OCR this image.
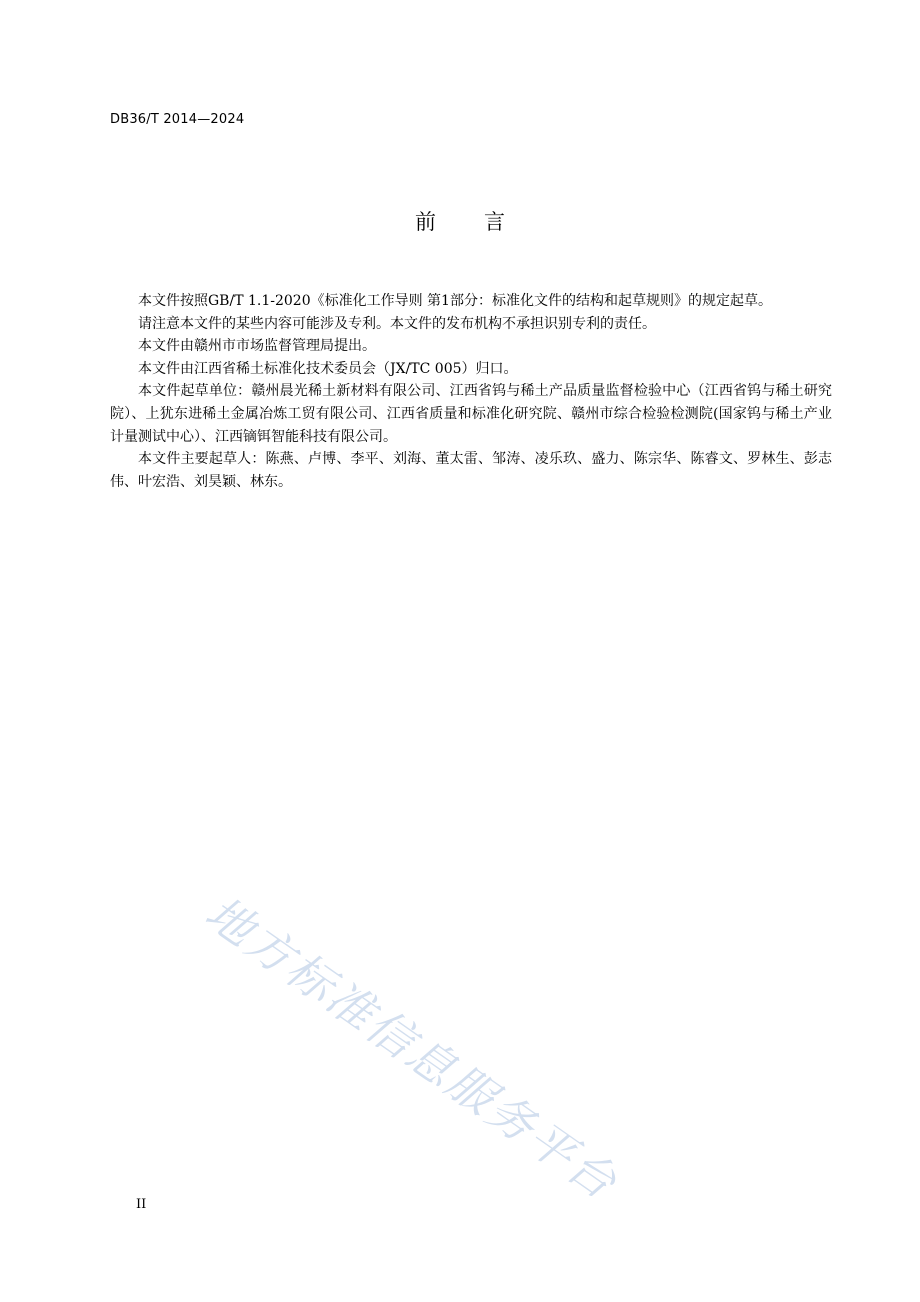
DB36/T 2014—2024
前言

本文件按照GB/T 1.1-2020《标准化工作导则 第1部分：标准化文件的结构和起草规则》的规定起草。

请注意本文件的某些内容可能涉及专利。本文件的发布机构不承担识别专利的责任。

本文件由赣州市市场监督管理局提出。

本文件由江西省稀土标准化技术委员会（JX/TC 005）归口。

本文件起草单位：赣州晨光稀土新材料有限公司、江西省钨与稀土产品质量监督检验中心（江西省钨与稀土研究院）、上犹东进稀土金属冶炼工贸有限公司、江西省质量和标准化研究院、赣州市综合检验检测院(国家钨与稀土产业计量测试中心）、江西镝铒智能科技有限公司。

本文件主要起草人：陈燕、卢博、李平、刘海、董太雷、邹涛、凌乐玖、盛力、陈宗华、陈睿文、罗林生、彭志伟、叶宏浩、刘昊颖、林东。

地方标准信息服务平台
II
